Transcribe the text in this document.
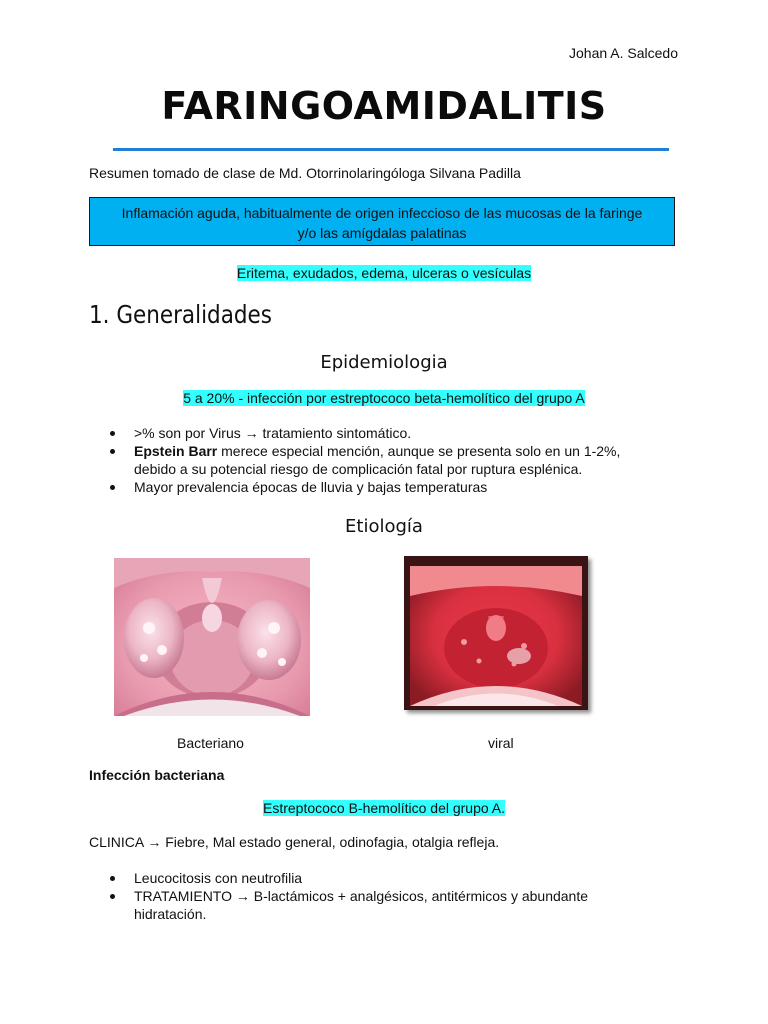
Johan A. Salcedo
FARINGOAMIDALITIS
Resumen tomado de clase de Md. Otorrinolaringóloga Silvana Padilla
Inflamación aguda, habitualmente de origen infeccioso de las mucosas de la faringe
y/o las amígdalas palatinas
Eritema, exudados, edema, ulceras o vesículas
1. Generalidades
Epidemiologia
5 a 20% - infección por estreptococo beta-hemolítico del grupo A
>% son por Virus → tratamiento sintomático.
Epstein Barr merece especial mención, aunque se presenta solo en un 1-2%,
debido a su potencial riesgo de complicación fatal por ruptura esplénica.
Mayor prevalencia épocas de lluvia y bajas temperaturas
Etiología
Bacteriano	viral
Infección bacteriana
Estreptococo B-hemolítico del grupo A.
CLINICA → Fiebre, Mal estado general, odinofagia, otalgia refleja.
Leucocitosis con neutrofilia
TRATAMIENTO → B-lactámicos + analgésicos, antitérmicos y abundante
hidratación.
